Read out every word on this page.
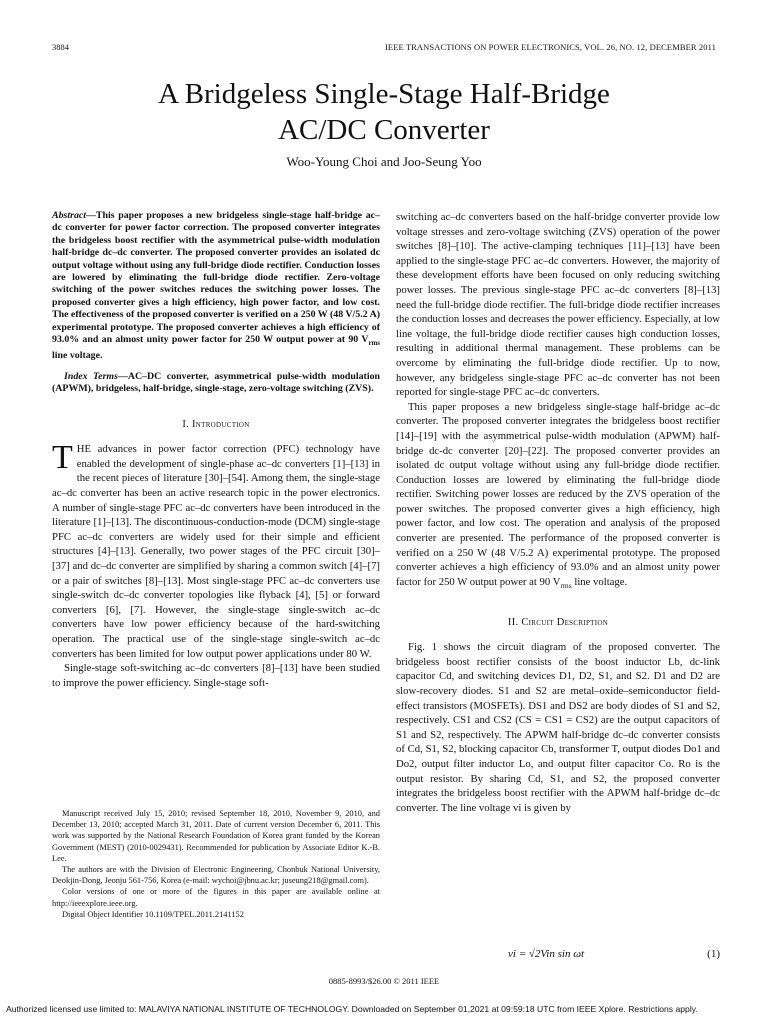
3884	IEEE TRANSACTIONS ON POWER ELECTRONICS, VOL. 26, NO. 12, DECEMBER 2011
A Bridgeless Single-Stage Half-Bridge
AC/DC Converter
Woo-Young Choi and Joo-Seung Yoo

Abstract—This paper proposes a new bridgeless single-stage half-bridge ac–dc converter for power factor correction. The proposed converter integrates the bridgeless boost rectifier with the asymmetrical pulse-width modulation half-bridge dc–dc converter. The proposed converter provides an isolated dc output voltage without using any full-bridge diode rectifier. Conduction losses are lowered by eliminating the full-bridge diode rectifier. Zero-voltage switching of the power switches reduces the switching power losses. The proposed converter gives a high efficiency, high power factor, and low cost. The effectiveness of the proposed converter is verified on a 250 W (48 V/5.2 A) experimental prototype. The proposed converter achieves a high efficiency of 93.0% and an almost unity power factor for 250 W output power at 90 $V_{rms}$ line voltage.

Index Terms—AC–DC converter, asymmetrical pulse-width modulation (APWM), bridgeless, half-bridge, single-stage, zero-voltage switching (ZVS).

I. Introduction

THE advances in power factor correction (PFC) technology have enabled the development of single-phase ac–dc converters [1]–[13] in the recent pieces of literature [30]–[54]. Among them, the single-stage ac–dc converter has been an active research topic in the power electronics. A number of single-stage PFC ac–dc converters have been introduced in the literature [1]–[13]. The discontinuous-conduction-mode (DCM) single-stage PFC ac–dc converters are widely used for their simple and efficient structures [4]–[13]. Generally, two power stages of the PFC circuit [30]–[37] and dc–dc converter are simplified by sharing a common switch [4]–[7] or a pair of switches [8]–[13]. Most single-stage PFC ac–dc converters use single-switch dc–dc converter topologies like flyback [4], [5] or forward converters [6], [7]. However, the single-stage single-switch ac–dc converters have low power efficiency because of the hard-switching operation. The practical use of the single-stage single-switch ac–dc converters has been limited for low output power applications under 80 W.

Single-stage soft-switching ac–dc converters [8]–[13] have been studied to improve the power efficiency. Single-stage soft-

Manuscript received July 15, 2010; revised September 18, 2010, November 9, 2010, and December 13, 2010; accepted March 31, 2011. Date of current version December 6, 2011. This work was supported by the National Research Foundation of Korea grant funded by the Korean Government (MEST) (2010-0029431). Recommended for publication by Associate Editor K.-B. Lee.

The authors are with the Division of Electronic Engineering, Chonbuk National University, Deokjin-Dong, Jeonju 561-756, Korea (e-mail: wychoi@jbnu.ac.kr; juseung218@gmail.com).

Color versions of one or more of the figures in this paper are available online at http://ieeexplore.ieee.org.

Digital Object Identifier 10.1109/TPEL.2011.2141152

switching ac–dc converters based on the half-bridge converter provide low voltage stresses and zero-voltage switching (ZVS) operation of the power switches [8]–[10]. The active-clamping techniques [11]–[13] have been applied to the single-stage PFC ac–dc converters. However, the majority of these development efforts have been focused on only reducing switching power losses. The previous single-stage PFC ac–dc converters [8]–[13] need the full-bridge diode rectifier. The full-bridge diode rectifier increases the conduction losses and decreases the power efficiency. Especially, at low line voltage, the full-bridge diode rectifier causes high conduction losses, resulting in additional thermal management. These problems can be overcome by eliminating the full-bridge diode rectifier. Up to now, however, any bridgeless single-stage PFC ac–dc converter has not been reported for single-stage PFC ac–dc converters.

This paper proposes a new bridgeless single-stage half-bridge ac–dc converter. The proposed converter integrates the bridgeless boost rectifier [14]–[19] with the asymmetrical pulse-width modulation (APWM) half-bridge dc-dc converter [20]–[22]. The proposed converter provides an isolated dc output voltage without using any full-bridge diode rectifier. Conduction losses are lowered by eliminating the full-bridge diode rectifier. Switching power losses are reduced by the ZVS operation of the power switches. The proposed converter gives a high efficiency, high power factor, and low cost. The operation and analysis of the proposed converter are presented. The performance of the proposed converter is verified on a 250 W (48 V/5.2 A) experimental prototype. The proposed converter achieves a high efficiency of 93.0% and an almost unity power factor for 250 W output power at 90 $V_{rms}$ line voltage.

II. Circuit Description

Fig. 1 shows the circuit diagram of the proposed converter. The bridgeless boost rectifier consists of the boost inductor Lb, dc-link capacitor Cd, and switching devices D1, D2, S1, and S2. D1 and D2 are slow-recovery diodes. S1 and S2 are metal–oxide–semiconductor field-effect transistors (MOSFETs). DS1 and DS2 are body diodes of S1 and S2, respectively. CS1 and CS2 (CS = CS1 = CS2) are the output capacitors of S1 and S2, respectively. The APWM half-bridge dc–dc converter consists of Cd, S1, S2, blocking capacitor Cb, transformer T, output diodes Do1 and Do2, output filter inductor Lo, and output filter capacitor Co. Ro is the output resistor. By sharing Cd, S1, and S2, the proposed converter integrates the bridgeless boost rectifier with the APWM half-bridge dc–dc converter. The line voltage vi is given by

vi = √2Vin sin ωt	(1)
0885-8993/$26.00 © 2011 IEEE
Authorized licensed use limited to: MALAVIYA NATIONAL INSTITUTE OF TECHNOLOGY. Downloaded on September 01,2021 at 09:59:18 UTC from IEEE Xplore. Restrictions apply.
